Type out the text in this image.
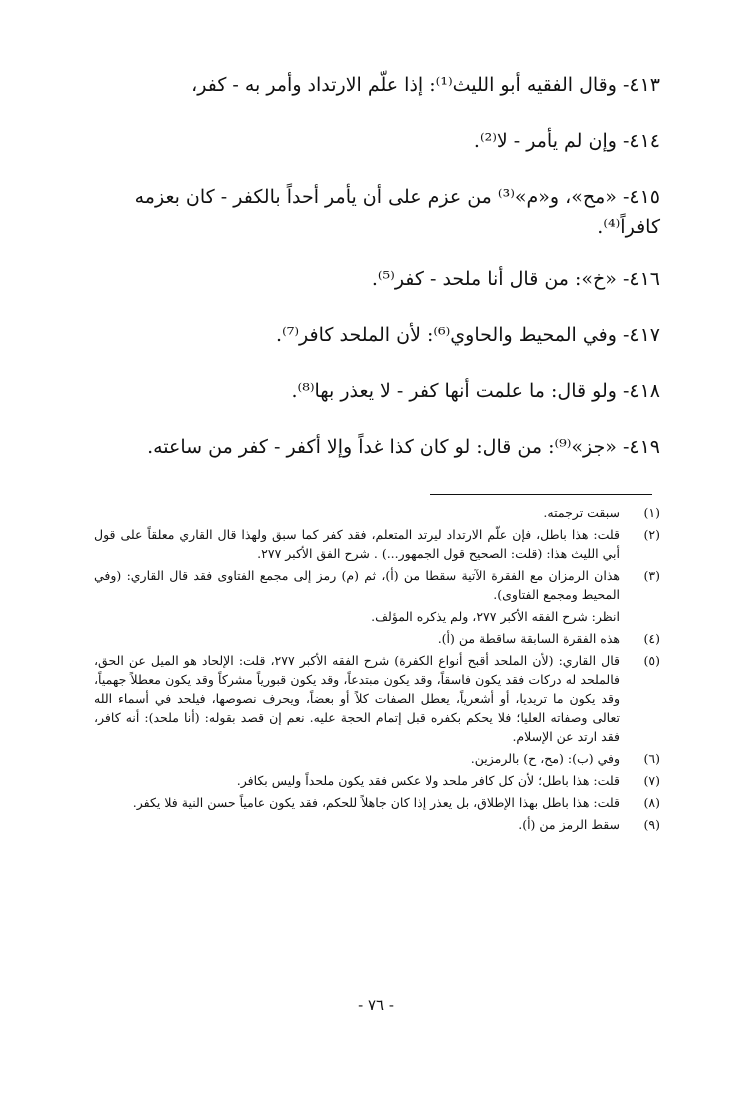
٤١٣- وقال الفقيه أبو الليث⁽¹⁾: إذا علّم الارتداد وأمر به - كفر،
٤١٤- وإن لم يأمر - لا⁽²⁾.
٤١٥- «مح»، و«م»⁽³⁾ من عزم على أن يأمر أحداً بالكفر - كان بعزمه كافراً⁽⁴⁾.
٤١٦- «خ»: من قال أنا ملحد - كفر⁽⁵⁾.
٤١٧- وفي المحيط والحاوي⁽⁶⁾: لأن الملحد كافر⁽⁷⁾.
٤١٨- ولو قال: ما علمت أنها كفر - لا يعذر بها⁽⁸⁾.
٤١٩- «جز»⁽⁹⁾: من قال: لو كان كذا غداً وإلا أكفر - كفر من ساعته.
(١)
سبقت ترجمته.
(٢)
قلت: هذا باطل، فإن علّم الارتداد ليرتد المتعلم، فقد كفر كما سبق ولهذا قال القاري معلقاً على قول أبي الليث هذا: (قلت: الصحيح قول الجمهور...) . شرح الفق الأكبر ٢٧٧.
(٣)
هذان الرمزان مع الفقرة الآتية سقطا من (أ)، ثم (م) رمز إلى مجمع الفتاوى فقد قال القاري: (وفي المحيط ومجمع الفتاوى).
انظر: شرح الفقه الأكبر ٢٧٧، ولم يذكره المؤلف.
(٤)
هذه الفقرة السابقة ساقطة من (أ).
(٥)
قال القاري: (لأن الملحد أقبح أنواع الكفرة) شرح الفقه الأكبر ٢٧٧، قلت: الإلحاد هو الميل عن الحق، فالملحد له دركات فقد يكون فاسقاً، وقد يكون مبتدعاً، وقد يكون قبورياً مشركاً وقد يكون معطلاً جهمياً، وقد يكون ما تريديا، أو أشعرياً، يعطل الصفات كلاً أو بعضاً، ويحرف نصوصها، فيلحد في أسماء الله تعالى وصفاته العليا؛ فلا يحكم بكفره قبل إتمام الحجة عليه. نعم إن قصد بقوله: (أنا ملحد): أنه كافر، فقد ارتد عن الإسلام.
(٦)
وفي (ب): (مح، ح) بالرمزين.
(٧)
قلت: هذا باطل؛ لأن كل كافر ملحد ولا عكس فقد يكون ملحداً وليس بكافر.
(٨)
قلت: هذا باطل بهذا الإطلاق، بل يعذر إذا كان جاهلاً للحكم، فقد يكون عامياً حسن النية فلا يكفر.
(٩)
سقط الرمز من (أ).
- ٧٦ -
